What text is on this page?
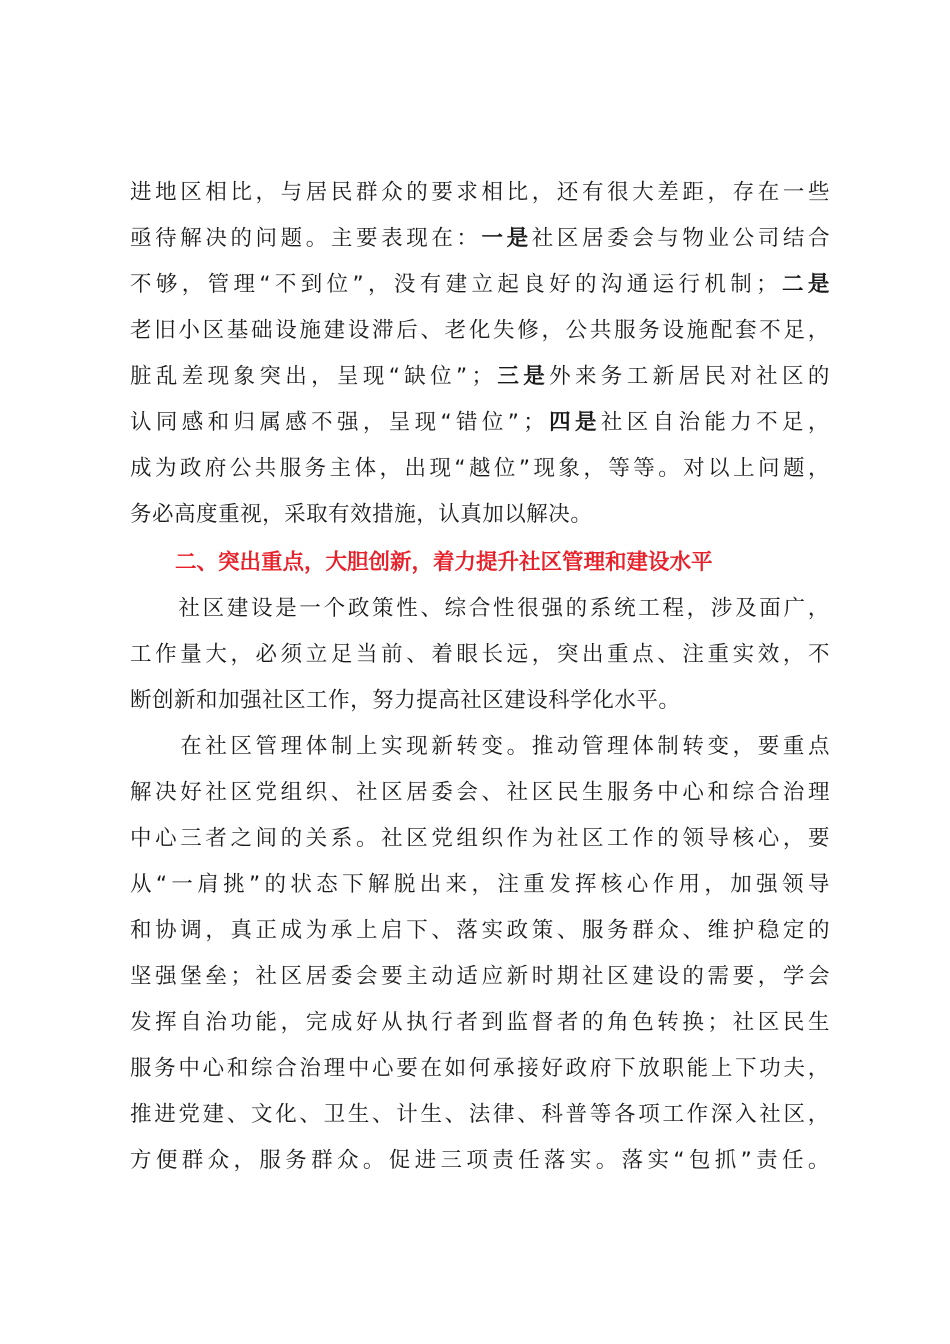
进 地 区 相 比 ， 与 居 民 群 众 的 要 求 相 比 ， 还 有 很 大 差 距 ， 存 在 一 些
亟 待 解 决 的 问 题 。 主 要 表 现 在 ： 一 是 社 区 居 委 会 与 物 业 公 司 结 合
不 够 ， 管 理 “ 不 到 位 ” ， 没 有 建 立 起 良 好 的 沟 通 运 行 机 制 ； 二 是
老 旧 小 区 基 础 设 施 建 设 滞 后 、 老 化 失 修 ， 公 共 服 务 设 施 配 套 不 足 ，
脏 乱 差 现 象 突 出 ， 呈 现 “ 缺 位 ” ； 三 是 外 来 务 工 新 居 民 对 社 区 的
认 同 感 和 归 属 感 不 强 ， 呈 现 “ 错 位 ” ； 四 是 社 区 自 治 能 力 不 足 ，
成 为 政 府 公 共 服 务 主 体 ， 出 现 “ 越 位 ” 现 象 ， 等 等 。 对 以 上 问 题 ，
务 必 高 度 重 视 ， 采 取 有 效 措 施 ， 认 真 加 以 解 决 。

社 区 建 设 是 一 个 政 策 性 、 综 合 性 很 强 的 系 统 工 程 ， 涉 及 面 广 ，
工 作 量 大 ， 必 须 立 足 当 前 、 着 眼 长 远 ， 突 出 重 点 、 注 重 实 效 ， 不
断 创 新 和 加 强 社 区 工 作 ， 努 力 提 高 社 区 建 设 科 学 化 水 平 。

在 社 区 管 理 体 制 上 实 现 新 转 变 。 推 动 管 理 体 制 转 变 ， 要 重 点
解 决 好 社 区 党 组 织 、 社 区 居 委 会 、 社 区 民 生 服 务 中 心 和 综 合 治 理
中 心 三 者 之 间 的 关 系 。 社 区 党 组 织 作 为 社 区 工 作 的 领 导 核 心 ， 要
从 “ 一 肩 挑 ” 的 状 态 下 解 脱 出 来 ， 注 重 发 挥 核 心 作 用 ， 加 强 领 导
和 协 调 ， 真 正 成 为 承 上 启 下 、 落 实 政 策 、 服 务 群 众 、 维 护 稳 定 的
坚 强 堡 垒 ； 社 区 居 委 会 要 主 动 适 应 新 时 期 社 区 建 设 的 需 要 ， 学 会
发 挥 自 治 功 能 ， 完 成 好 从 执 行 者 到 监 督 者 的 角 色 转 换 ； 社 区 民 生
服 务 中 心 和 综 合 治 理 中 心 要 在 如 何 承 接 好 政 府 下 放 职 能 上 下 功 夫 ，
推 进 党 建 、 文 化 、 卫 生 、 计 生 、 法 律 、 科 普 等 各 项 工 作 深 入 社 区 ，
方 便 群 众 ， 服 务 群 众 。 促 进 三 项 责 任 落 实 。 落 实 “ 包 抓 ” 责 任 。
二、突出重点，大胆创新，着力提升社区管理和建设水平
